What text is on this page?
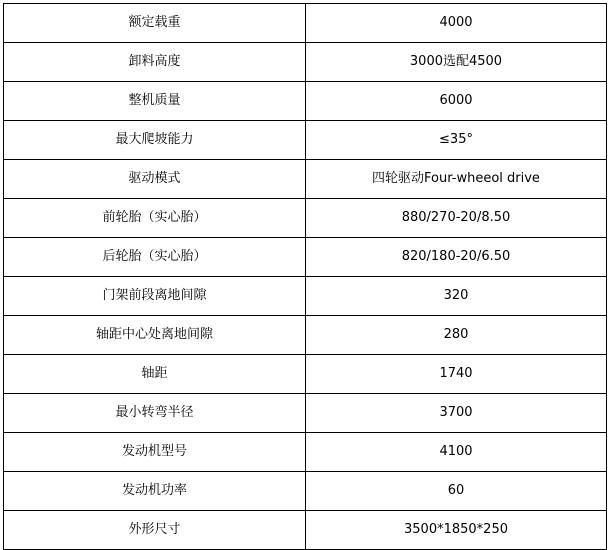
额定载重	4000
卸料高度	3000选配4500
整机质量	6000
最大爬坡能力	≤35°
驱动模式	四轮驱动Four-wheeol drive
前轮胎（实心胎）	880/270-20/8.50
后轮胎（实心胎）	820/180-20/6.50
门架前段离地间隙	320
轴距中心处离地间隙	280
轴距	1740
最小转弯半径	3700
发动机型号	4100
发动机功率	60
外形尺寸	3500*1850*250
